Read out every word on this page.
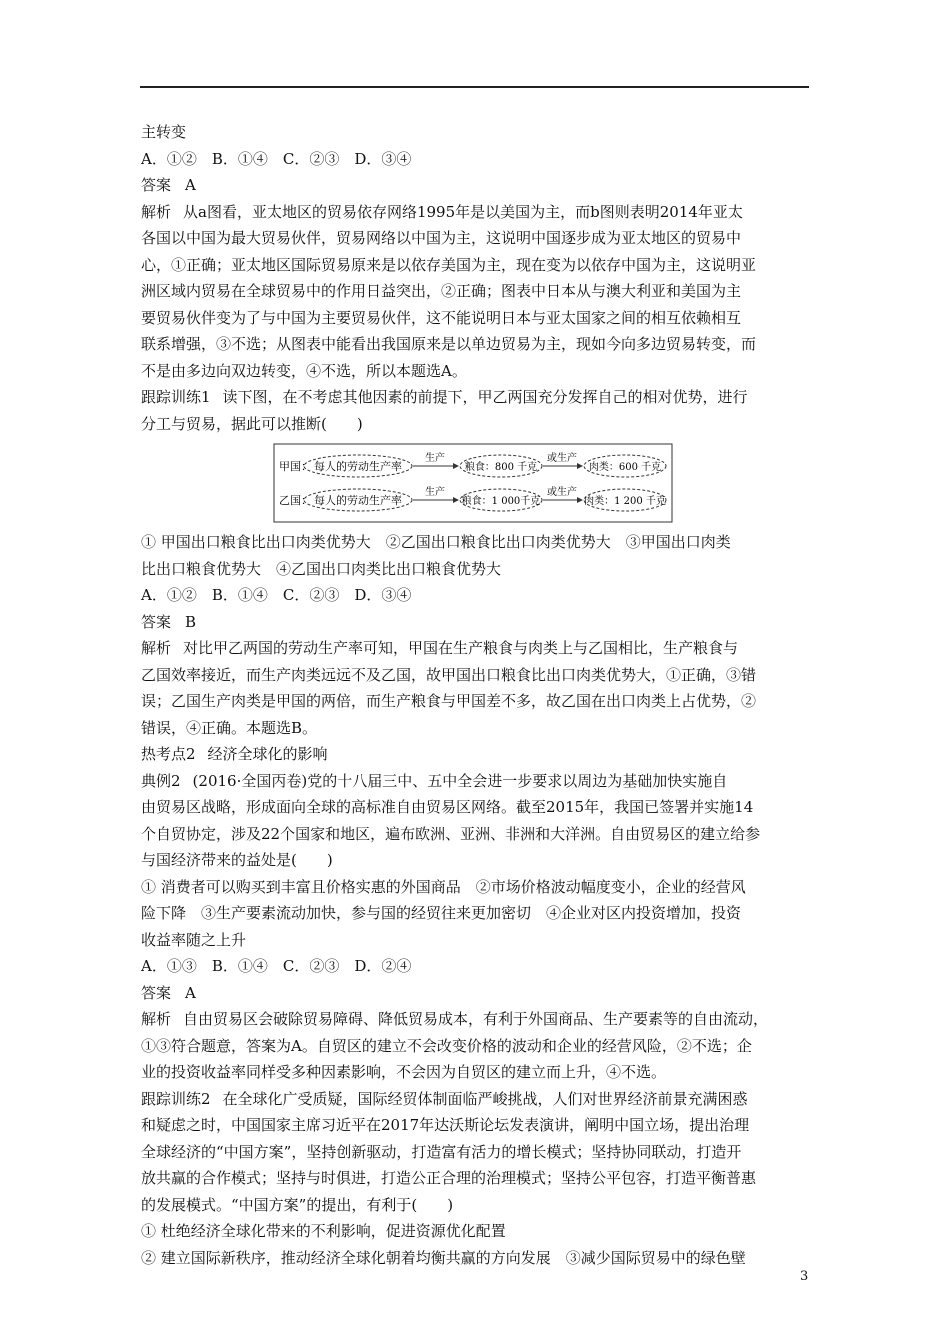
主转变
A．①②　B．①④　C．②③　D．③④
答案 A
解析 从a图看，亚太地区的贸易依存网络1995年是以美国为主，而b图则表明2014年亚太
各国以中国为最大贸易伙伴，贸易网络以中国为主，这说明中国逐步成为亚太地区的贸易中
心，①正确；亚太地区国际贸易原来是以依存美国为主，现在变为以依存中国为主，这说明亚
洲区域内贸易在全球贸易中的作用日益突出，②正确；图表中日本从与澳大利亚和美国为主
要贸易伙伴变为了与中国为主要贸易伙伴，这不能说明日本与亚太国家之间的相互依赖相互
联系增强，③不选；从图表中能看出我国原来是以单边贸易为主，现如今向多边贸易转变，而
不是由多边向双边转变，④不选，所以本题选A。
跟踪训练1 读下图，在不考虑其他因素的前提下，甲乙两国充分发挥自己的相对优势，进行
分工与贸易，据此可以推断(　　)
甲国： 每人的劳动生产率
生产
粮食：800 千克
或生产
肉类：600 千克
乙国： 每人的劳动生产率
生产
粮食：1 000千克
或生产
肉类：1 200 千克
① 甲国出口粮食比出口肉类优势大　②乙国出口粮食比出口肉类优势大　③甲国出口肉类
比出口粮食优势大　④乙国出口肉类比出口粮食优势大
A．①②　B．①④　C．②③　D．③④
答案 B
解析 对比甲乙两国的劳动生产率可知，甲国在生产粮食与肉类上与乙国相比，生产粮食与
乙国效率接近，而生产肉类远远不及乙国，故甲国出口粮食比出口肉类优势大，①正确，③错
误；乙国生产肉类是甲国的两倍，而生产粮食与甲国差不多，故乙国在出口肉类上占优势，②
错误，④正确。本题选B。
热考点2 经济全球化的影响
典例2 (2016·全国丙卷)党的十八届三中、五中全会进一步要求以周边为基础加快实施自
由贸易区战略，形成面向全球的高标准自由贸易区网络。截至2015年，我国已签署并实施14
个自贸协定，涉及22个国家和地区，遍布欧洲、亚洲、非洲和大洋洲。自由贸易区的建立给参
与国经济带来的益处是(　　)
① 消费者可以购买到丰富且价格实惠的外国商品　②市场价格波动幅度变小，企业的经营风
险下降　③生产要素流动加快，参与国的经贸往来更加密切　④企业对区内投资增加，投资
收益率随之上升
A．①③　B．①④　C．②③　D．②④
答案 A
解析 自由贸易区会破除贸易障碍、降低贸易成本，有利于外国商品、生产要素等的自由流动，
①③符合题意，答案为A。自贸区的建立不会改变价格的波动和企业的经营风险，②不选；企
业的投资收益率同样受多种因素影响，不会因为自贸区的建立而上升，④不选。
跟踪训练2 在全球化广受质疑，国际经贸体制面临严峻挑战，人们对世界经济前景充满困惑
和疑虑之时，中国国家主席习近平在2017年达沃斯论坛发表演讲，阐明中国立场，提出治理
全球经济的“中国方案”，坚持创新驱动，打造富有活力的增长模式；坚持协同联动，打造开
放共赢的合作模式；坚持与时俱进，打造公正合理的治理模式；坚持公平包容，打造平衡普惠
的发展模式。“中国方案”的提出，有利于(　　)
① 杜绝经济全球化带来的不利影响，促进资源优化配置
② 建立国际新秩序，推动经济全球化朝着均衡共赢的方向发展　③减少国际贸易中的绿色壁
3
